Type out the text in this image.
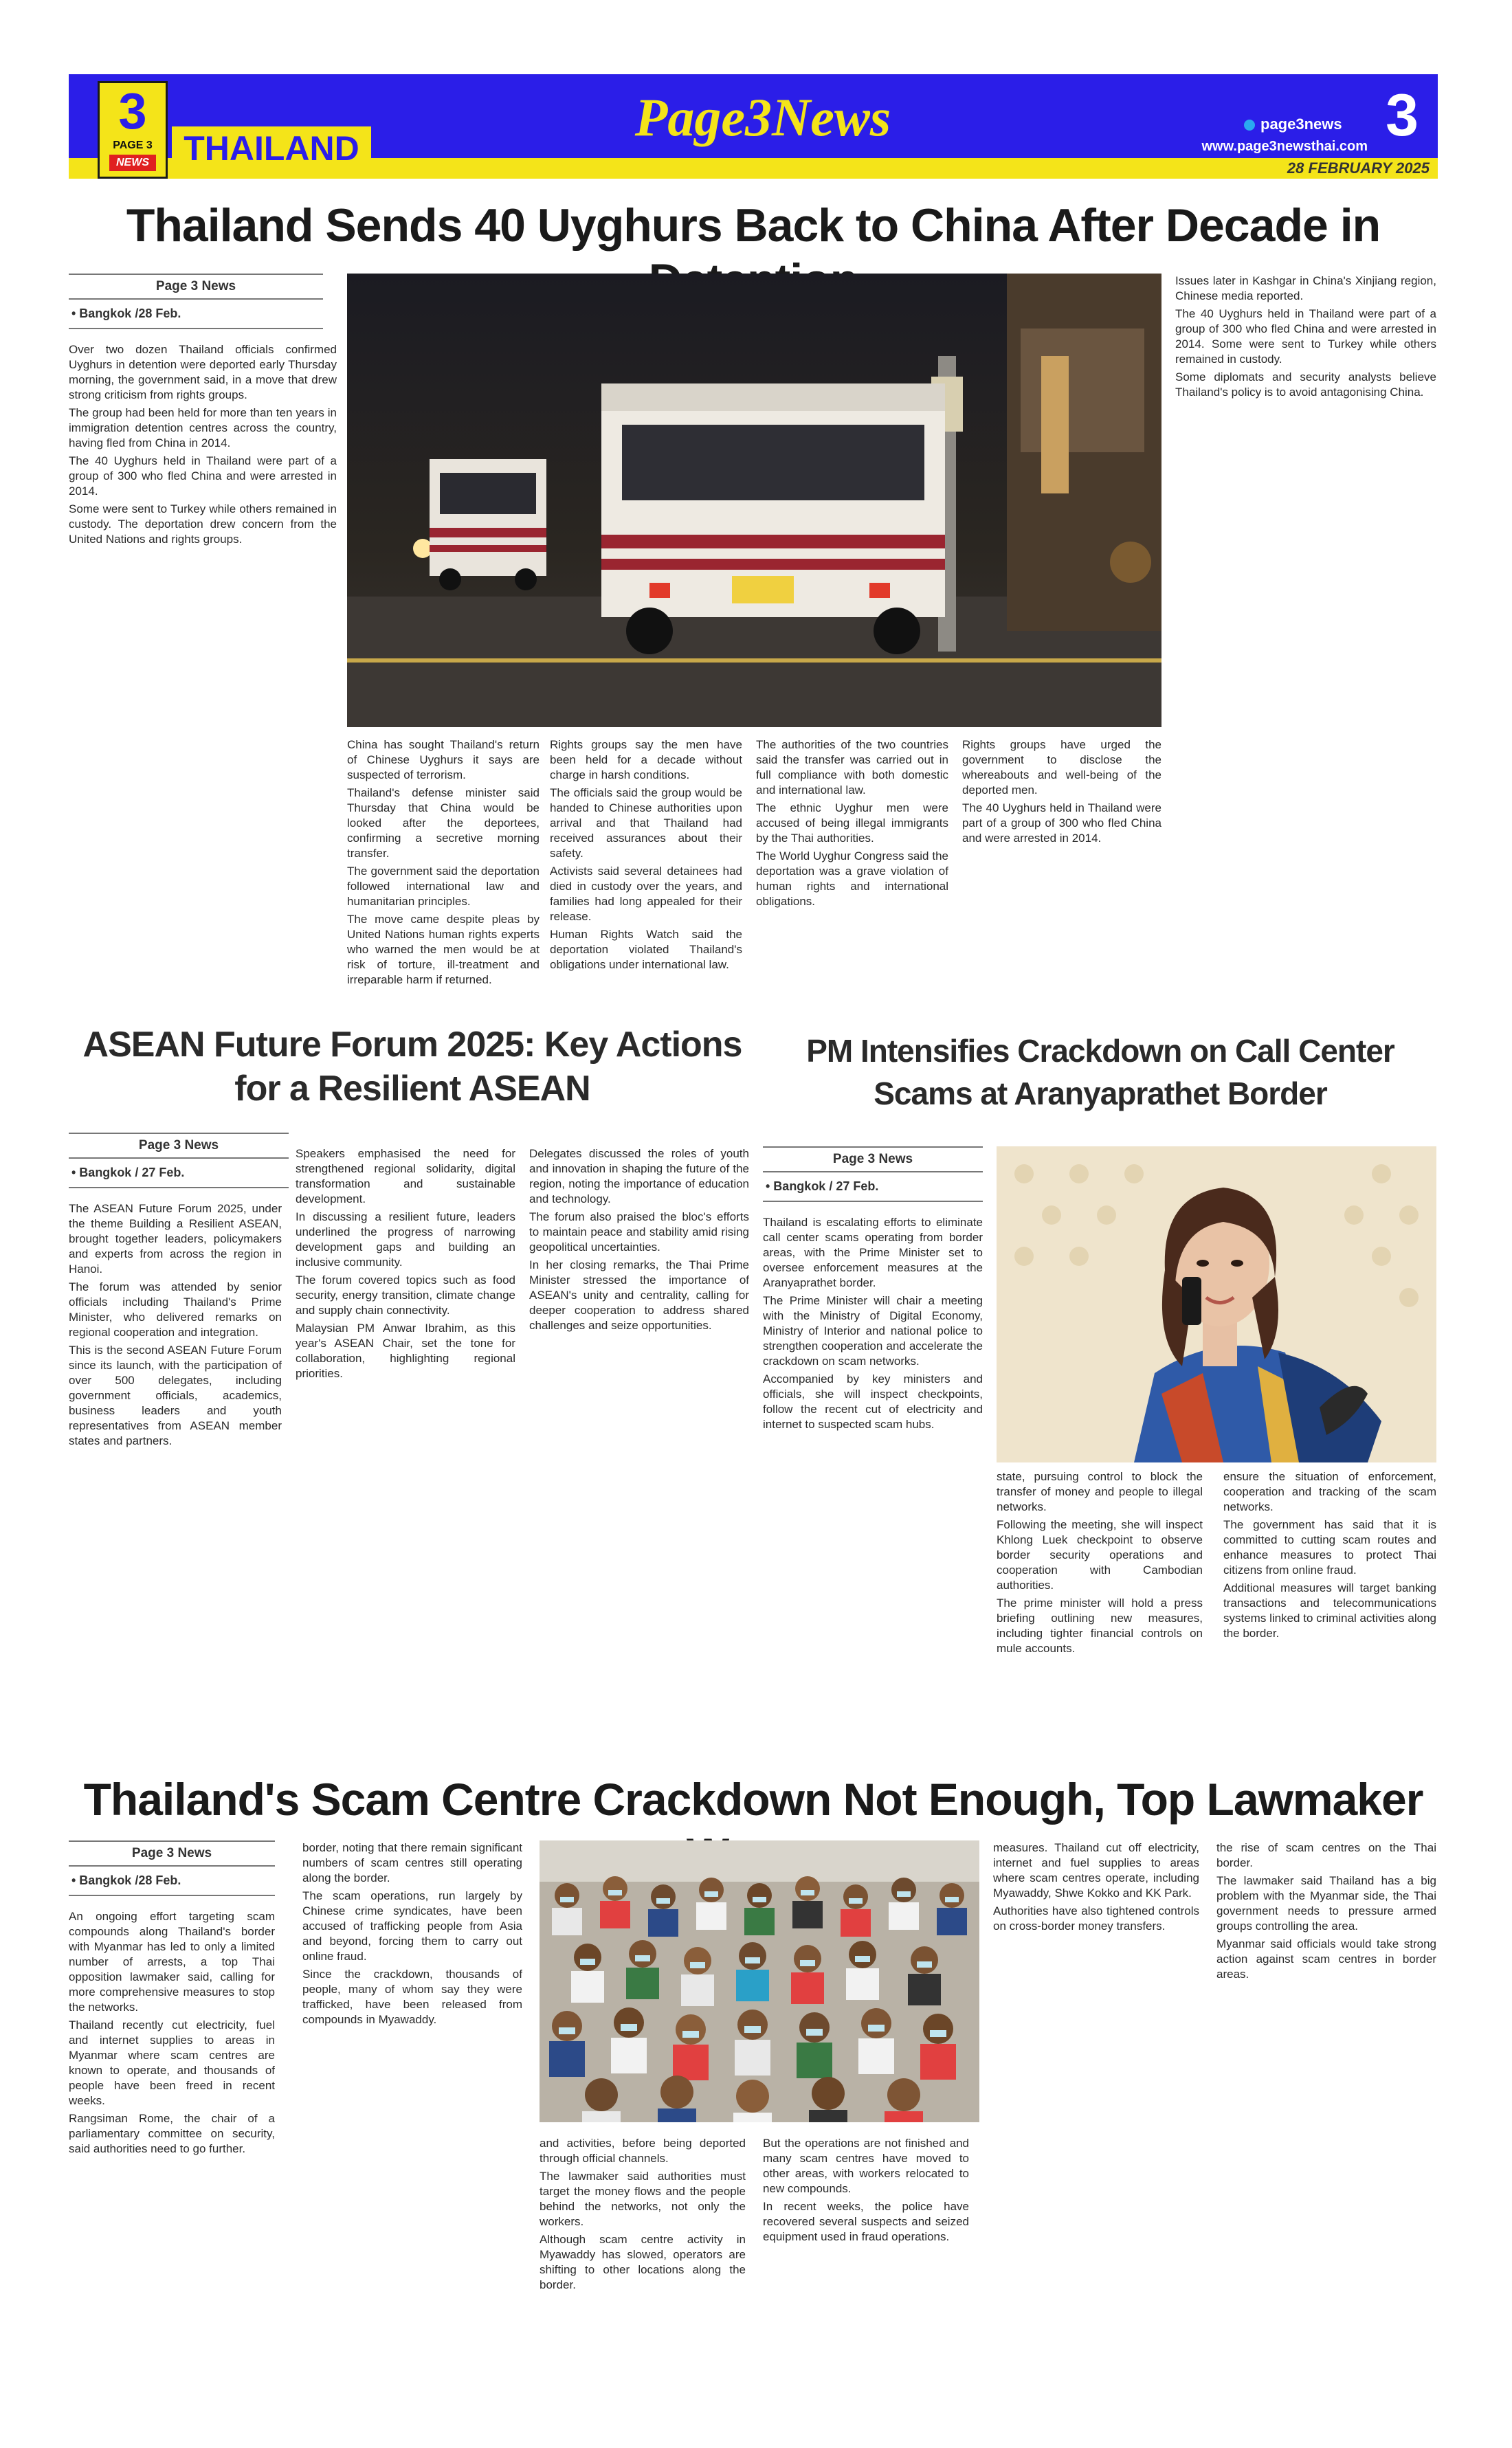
3
PAGE 3
NEWS	THAILAND
Page3News	page3news
www.page3newsthai.com 3
28 FEBRUARY 2025
Thailand Sends 40 Uyghurs Back to China After Decade in
Page 3 News
• Bangkok /28 Feb.

Over two dozen Thailand officials confirmed Uyghurs in detention were deported early Thursday morning, the government said, in a move that drew strong criticism from rights groups.

The group had been held for more than ten years in immigration detention centres across the country, having fled from China in 2014.

The 40 Uyghurs held in Thailand were part of a group of 300 who fled China and were arrested in 2014.

Some were sent to Turkey while others remained in custody. The deportation drew concern from the United Nations and rights groups.

China has sought Thailand's return of Chinese Uyghurs it says are suspected of terrorism.

Thailand's defense minister said Thursday that China would be looked after the deportees, confirming a secretive morning transfer.

The government said the deportation followed international law and humanitarian principles.

The move came despite pleas by United Nations human rights experts who warned the men would be at risk of torture, ill-treatment and irreparable harm if returned.

Rights groups say the men have been held for a decade without charge in harsh conditions.

The officials said the group would be handed to Chinese authorities upon arrival and that Thailand had received assurances about their safety.

Activists said several detainees had died in custody over the years, and families had long appealed for their release.

Human Rights Watch said the deportation violated Thailand's obligations under international law.

The authorities of the two countries said the transfer was carried out in full compliance with both domestic and international law.

The ethnic Uyghur men were accused of being illegal immigrants by the Thai authorities.

The World Uyghur Congress said the deportation was a grave violation of human rights and international obligations.

Rights groups have urged the government to disclose the whereabouts and well-being of the deported men.

The 40 Uyghurs held in Thailand were part of a group of 300 who fled China and were arrested in 2014.

Issues later in Kashgar in China's Xinjiang region, Chinese media reported.

The 40 Uyghurs held in Thailand were part of a group of 300 who fled China and were arrested in 2014. Some were sent to Turkey while others remained in custody.

Some diplomats and security analysts believe Thailand's policy is to avoid antagonising China.

ASEAN Future Forum 2025: Key Actions for a Resilient ASEAN
Page 3 News
• Bangkok / 27 Feb.

The ASEAN Future Forum 2025, under the theme Building a Resilient ASEAN, brought together leaders, policymakers and experts from across the region in Hanoi.

The forum was attended by senior officials including Thailand's Prime Minister, who delivered remarks on regional cooperation and integration.

This is the second ASEAN Future Forum since its launch, with the participation of over 500 delegates, including government officials, academics, business leaders and youth representatives from ASEAN member states and partners.

Speakers emphasised the need for strengthened regional solidarity, digital transformation and sustainable development.

In discussing a resilient future, leaders underlined the progress of narrowing development gaps and building an inclusive community.

The forum covered topics such as food security, energy transition, climate change and supply chain connectivity.

Malaysian PM Anwar Ibrahim, as this year's ASEAN Chair, set the tone for collaboration, highlighting regional priorities.

Delegates discussed the roles of youth and innovation in shaping the future of the region, noting the importance of education and technology.

The forum also praised the bloc's efforts to maintain peace and stability amid rising geopolitical uncertainties.

In her closing remarks, the Thai Prime Minister stressed the importance of ASEAN's unity and centrality, calling for deeper cooperation to address shared challenges and seize opportunities.

PM Intensifies Crackdown on Call Center Scams at Aranyaprathet Border
Page 3 News
• Bangkok / 27 Feb.

Thailand is escalating efforts to eliminate call center scams operating from border areas, with the Prime Minister set to oversee enforcement measures at the Aranyaprathet border.

The Prime Minister will chair a meeting with the Ministry of Digital Economy, Ministry of Interior and national police to strengthen cooperation and accelerate the crackdown on scam networks.

Accompanied by key ministers and officials, she will inspect checkpoints, follow the recent cut of electricity and internet to suspected scam hubs.

state, pursuing control to block the transfer of money and people to illegal networks.

Following the meeting, she will inspect Khlong Luek checkpoint to observe border security operations and cooperation with Cambodian authorities.

The prime minister will hold a press briefing outlining new measures, including tighter financial controls on mule accounts.

ensure the situation of enforcement, cooperation and tracking of the scam networks.

The government has said that it is committed to cutting scam routes and enhance measures to protect Thai citizens from online fraud.

Additional measures will target banking transactions and telecommunications systems linked to criminal activities along the border.

Thailand's Scam Centre Crackdown Not Enough, Top Lawmaker
Page 3 News
• Bangkok /28 Feb.

An ongoing effort targeting scam compounds along Thailand's border with Myanmar has led to only a limited number of arrests, a top Thai opposition lawmaker said, calling for more comprehensive measures to stop the networks.

Thailand recently cut electricity, fuel and internet supplies to areas in Myanmar where scam centres are known to operate, and thousands of people have been freed in recent weeks.

Rangsiman Rome, the chair of a parliamentary committee on security, said authorities need to go further.

border, noting that there remain significant numbers of scam centres still operating along the border.

The scam operations, run largely by Chinese crime syndicates, have been accused of trafficking people from Asia and beyond, forcing them to carry out online fraud.

Since the crackdown, thousands of people, many of whom say they were trafficked, have been released from compounds in Myawaddy.

and activities, before being deported through official channels.

The lawmaker said authorities must target the money flows and the people behind the networks, not only the workers.

Although scam centre activity in Myawaddy has slowed, operators are shifting to other locations along the border.

But the operations are not finished and many scam centres have moved to other areas, with workers relocated to new compounds.

In recent weeks, the police have recovered several suspects and seized equipment used in fraud operations.

measures. Thailand cut off electricity, internet and fuel supplies to areas where scam centres operate, including Myawaddy, Shwe Kokko and KK Park.

Authorities have also tightened controls on cross-border money transfers.

the rise of scam centres on the Thai border.

The lawmaker said Thailand has a big problem with the Myanmar side, the Thai government needs to pressure armed groups controlling the area.

Myanmar said officials would take strong action against scam centres in border areas.
